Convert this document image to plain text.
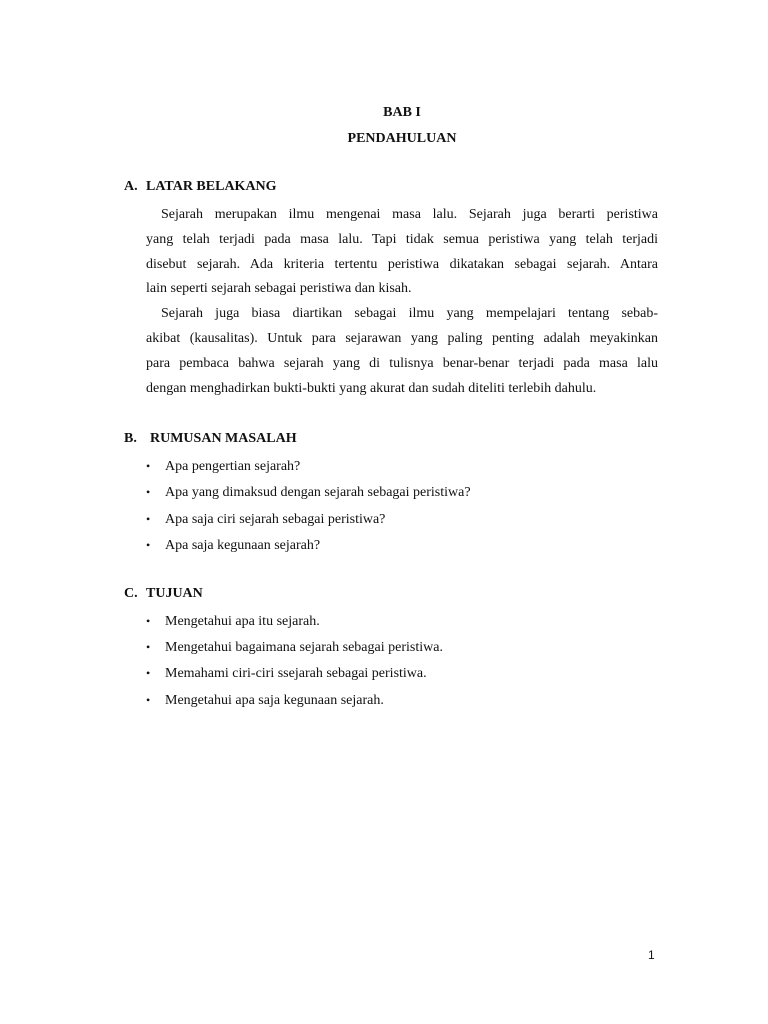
BAB I
PENDAHULUAN
A. LATAR BELAKANG
Sejarah merupakan ilmu mengenai masa lalu. Sejarah juga berarti peristiwa
yang telah terjadi pada masa lalu. Tapi tidak semua peristiwa yang telah terjadi
disebut sejarah. Ada kriteria tertentu peristiwa dikatakan sebagai sejarah. Antara
lain seperti sejarah sebagai peristiwa dan kisah.
Sejarah juga biasa diartikan sebagai ilmu yang mempelajari tentang sebab-
akibat (kausalitas). Untuk para sejarawan yang paling penting adalah meyakinkan
para pembaca bahwa sejarah yang di tulisnya benar-benar terjadi pada masa lalu
dengan menghadirkan bukti-bukti yang akurat dan sudah diteliti terlebih dahulu.
B. RUMUSAN MASALAH
• Apa pengertian sejarah?
• Apa yang dimaksud dengan sejarah sebagai peristiwa?
• Apa saja ciri sejarah sebagai peristiwa?
• Apa saja kegunaan sejarah?
C. TUJUAN
• Mengetahui apa itu sejarah.
• Mengetahui bagaimana sejarah sebagai peristiwa.
• Memahami ciri-ciri ssejarah sebagai peristiwa.
• Mengetahui apa saja kegunaan sejarah.
1
